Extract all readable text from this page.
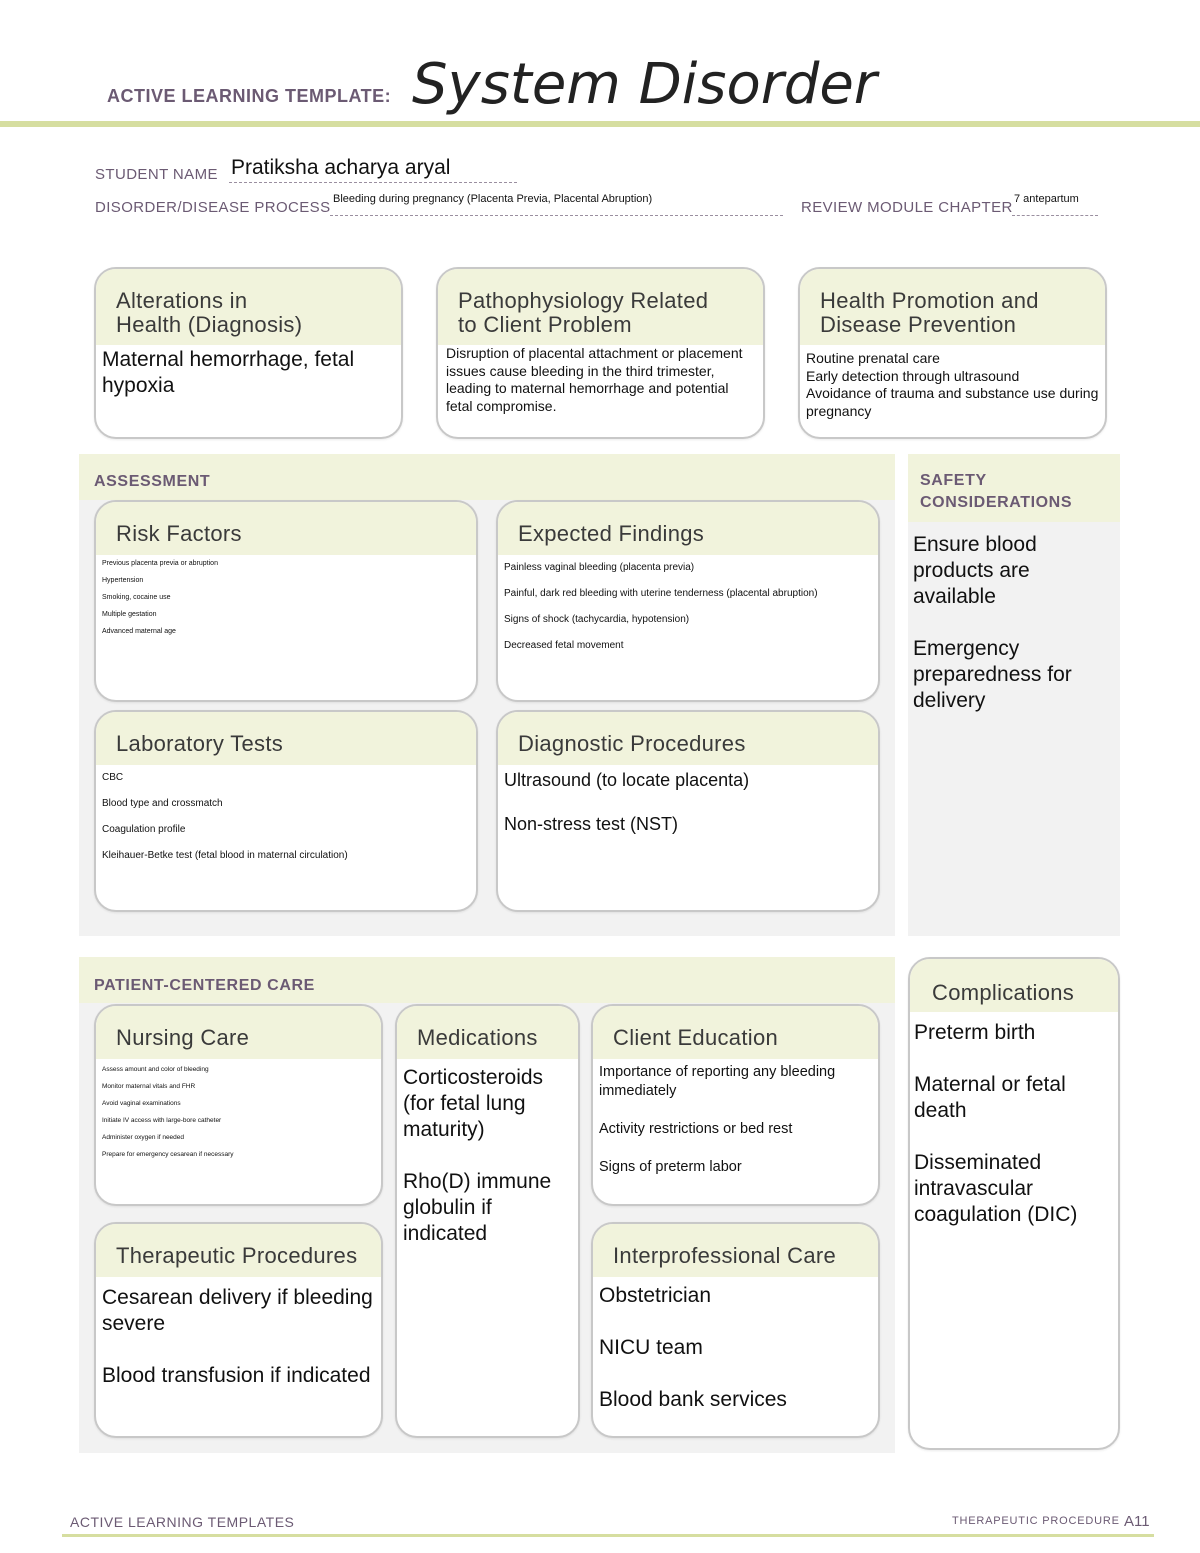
ACTIVE LEARNING TEMPLATE: System Disorder
STUDENT NAME Pratiksha acharya aryal
DISORDER/DISEASE PROCESS Bleeding during pregnancy (Placenta Previa, Placental Abruption)	REVIEW MODULE CHAPTER 7 antepartum
Alterations in
Health (Diagnosis)
Maternal hemorrhage, fetal hypoxia
Pathophysiology Related
to Client Problem
Disruption of placental attachment or placement issues cause bleeding in the third trimester, leading to maternal hemorrhage and potential fetal compromise.
Health Promotion and
Disease Prevention
Routine prenatal care
Early detection through ultrasound
Avoidance of trauma and substance use during pregnancy
ASSESSMENT
Risk Factors
Previous placenta previa or abruption
Hypertension
Smoking, cocaine use
Multiple gestation
Advanced maternal age
Expected Findings
Painless vaginal bleeding (placenta previa)
Painful, dark red bleeding with uterine tenderness (placental abruption)
Signs of shock (tachycardia, hypotension)
Decreased fetal movement
Laboratory Tests
CBC
Blood type and crossmatch
Coagulation profile
Kleihauer-Betke test (fetal blood in maternal circulation)
Diagnostic Procedures
Ultrasound (to locate placenta)
Non-stress test (NST)
SAFETY
CONSIDERATIONS
Ensure blood products are available
Emergency preparedness for delivery
PATIENT-CENTERED CARE
Nursing Care
Assess amount and color of bleeding
Monitor maternal vitals and FHR
Avoid vaginal examinations
Initiate IV access with large-bore catheter
Administer oxygen if needed
Prepare for emergency cesarean if necessary
Medications
Corticosteroids (for fetal lung maturity)
Rho(D) immune globulin if indicated
Client Education
Importance of reporting any bleeding immediately
Activity restrictions or bed rest
Signs of preterm labor
Therapeutic Procedures
Cesarean delivery if bleeding severe
Blood transfusion if indicated
Interprofessional Care
Obstetrician
NICU team
Blood bank services
Complications
Preterm birth
Maternal or fetal death
Disseminated intravascular coagulation (DIC)
ACTIVE LEARNING TEMPLATES	THERAPEUTIC PROCEDURE A11
